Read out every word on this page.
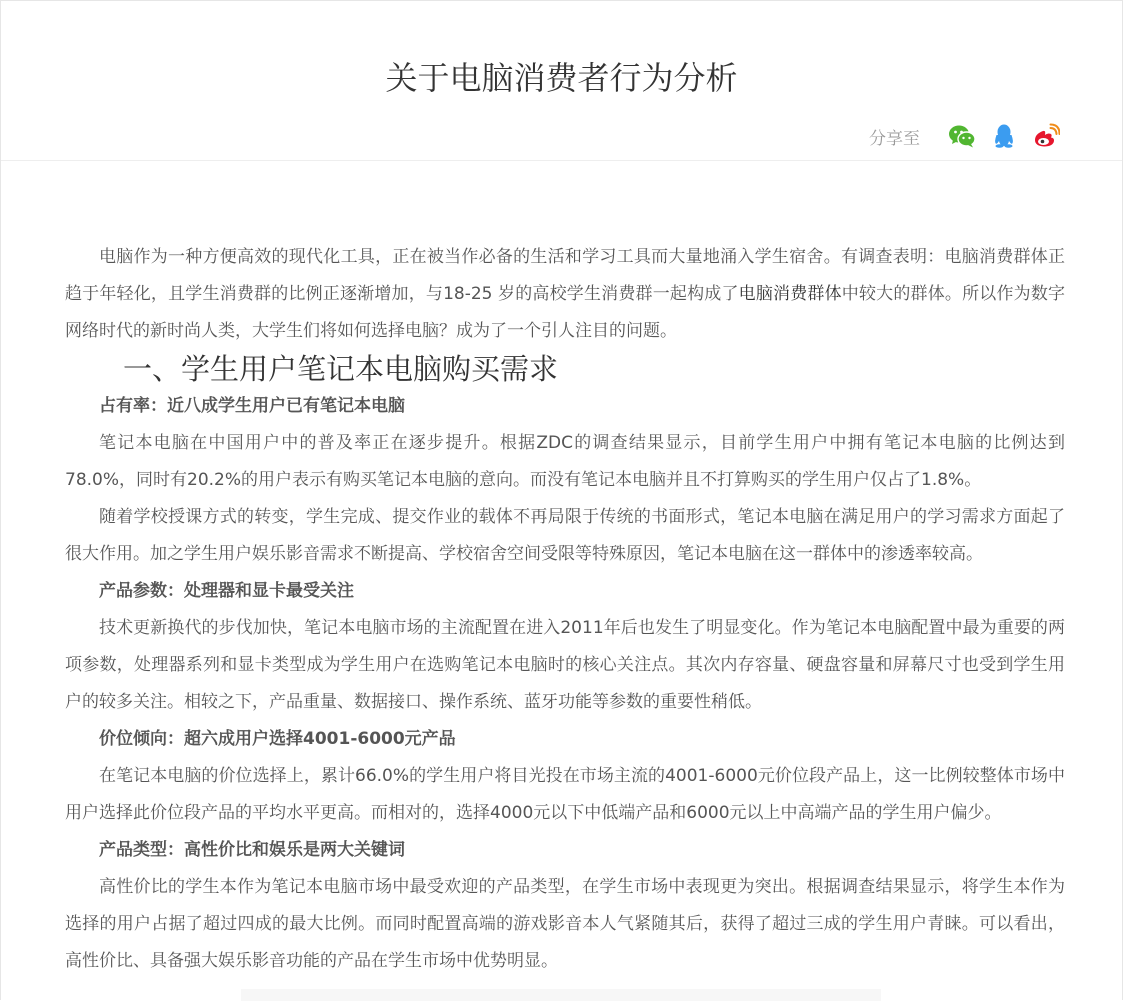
关于电脑消费者行为分析
分享至

电脑作为一种方便高效的现代化工具，正在被当作必备的生活和学习工具而大量地涌入学生宿舍。有调查表明：电脑消费群体正趋于年轻化，且学生消费群的比例正逐渐增加，与18-25 岁的高校学生消费群一起构成了电脑消费群体中较大的群体。所以作为数字网络时代的新时尚人类，大学生们将如何选择电脑？成为了一个引人注目的问题。

一、学生用户笔记本电脑购买需求

占有率：近八成学生用户已有笔记本电脑

笔记本电脑在中国用户中的普及率正在逐步提升。根据ZDC的调查结果显示，目前学生用户中拥有笔记本电脑的比例达到78.0%，同时有20.2%的用户表示有购买笔记本电脑的意向。而没有笔记本电脑并且不打算购买的学生用户仅占了1.8%。

随着学校授课方式的转变，学生完成、提交作业的载体不再局限于传统的书面形式，笔记本电脑在满足用户的学习需求方面起了很大作用。加之学生用户娱乐影音需求不断提高、学校宿舍空间受限等特殊原因，笔记本电脑在这一群体中的渗透率较高。

产品参数：处理器和显卡最受关注

技术更新换代的步伐加快，笔记本电脑市场的主流配置在进入2011年后也发生了明显变化。作为笔记本电脑配置中最为重要的两项参数，处理器系列和显卡类型成为学生用户在选购笔记本电脑时的核心关注点。其次内存容量、硬盘容量和屏幕尺寸也受到学生用户的较多关注。相较之下，产品重量、数据接口、操作系统、蓝牙功能等参数的重要性稍低。

价位倾向：超六成用户选择4001-6000元产品

在笔记本电脑的价位选择上，累计66.0%的学生用户将目光投在市场主流的4001-6000元价位段产品上，这一比例较整体市场中用户选择此价位段产品的平均水平更高。而相对的，选择4000元以下中低端产品和6000元以上中高端产品的学生用户偏少。

产品类型：高性价比和娱乐是两大关键词

高性价比的学生本作为笔记本电脑市场中最受欢迎的产品类型，在学生市场中表现更为突出。根据调查结果显示，将学生本作为选择的用户占据了超过四成的最大比例。而同时配置高端的游戏影音本人气紧随其后，获得了超过三成的学生用户青睐。可以看出，高性价比、具备强大娱乐影音功能的产品在学生市场中优势明显。
